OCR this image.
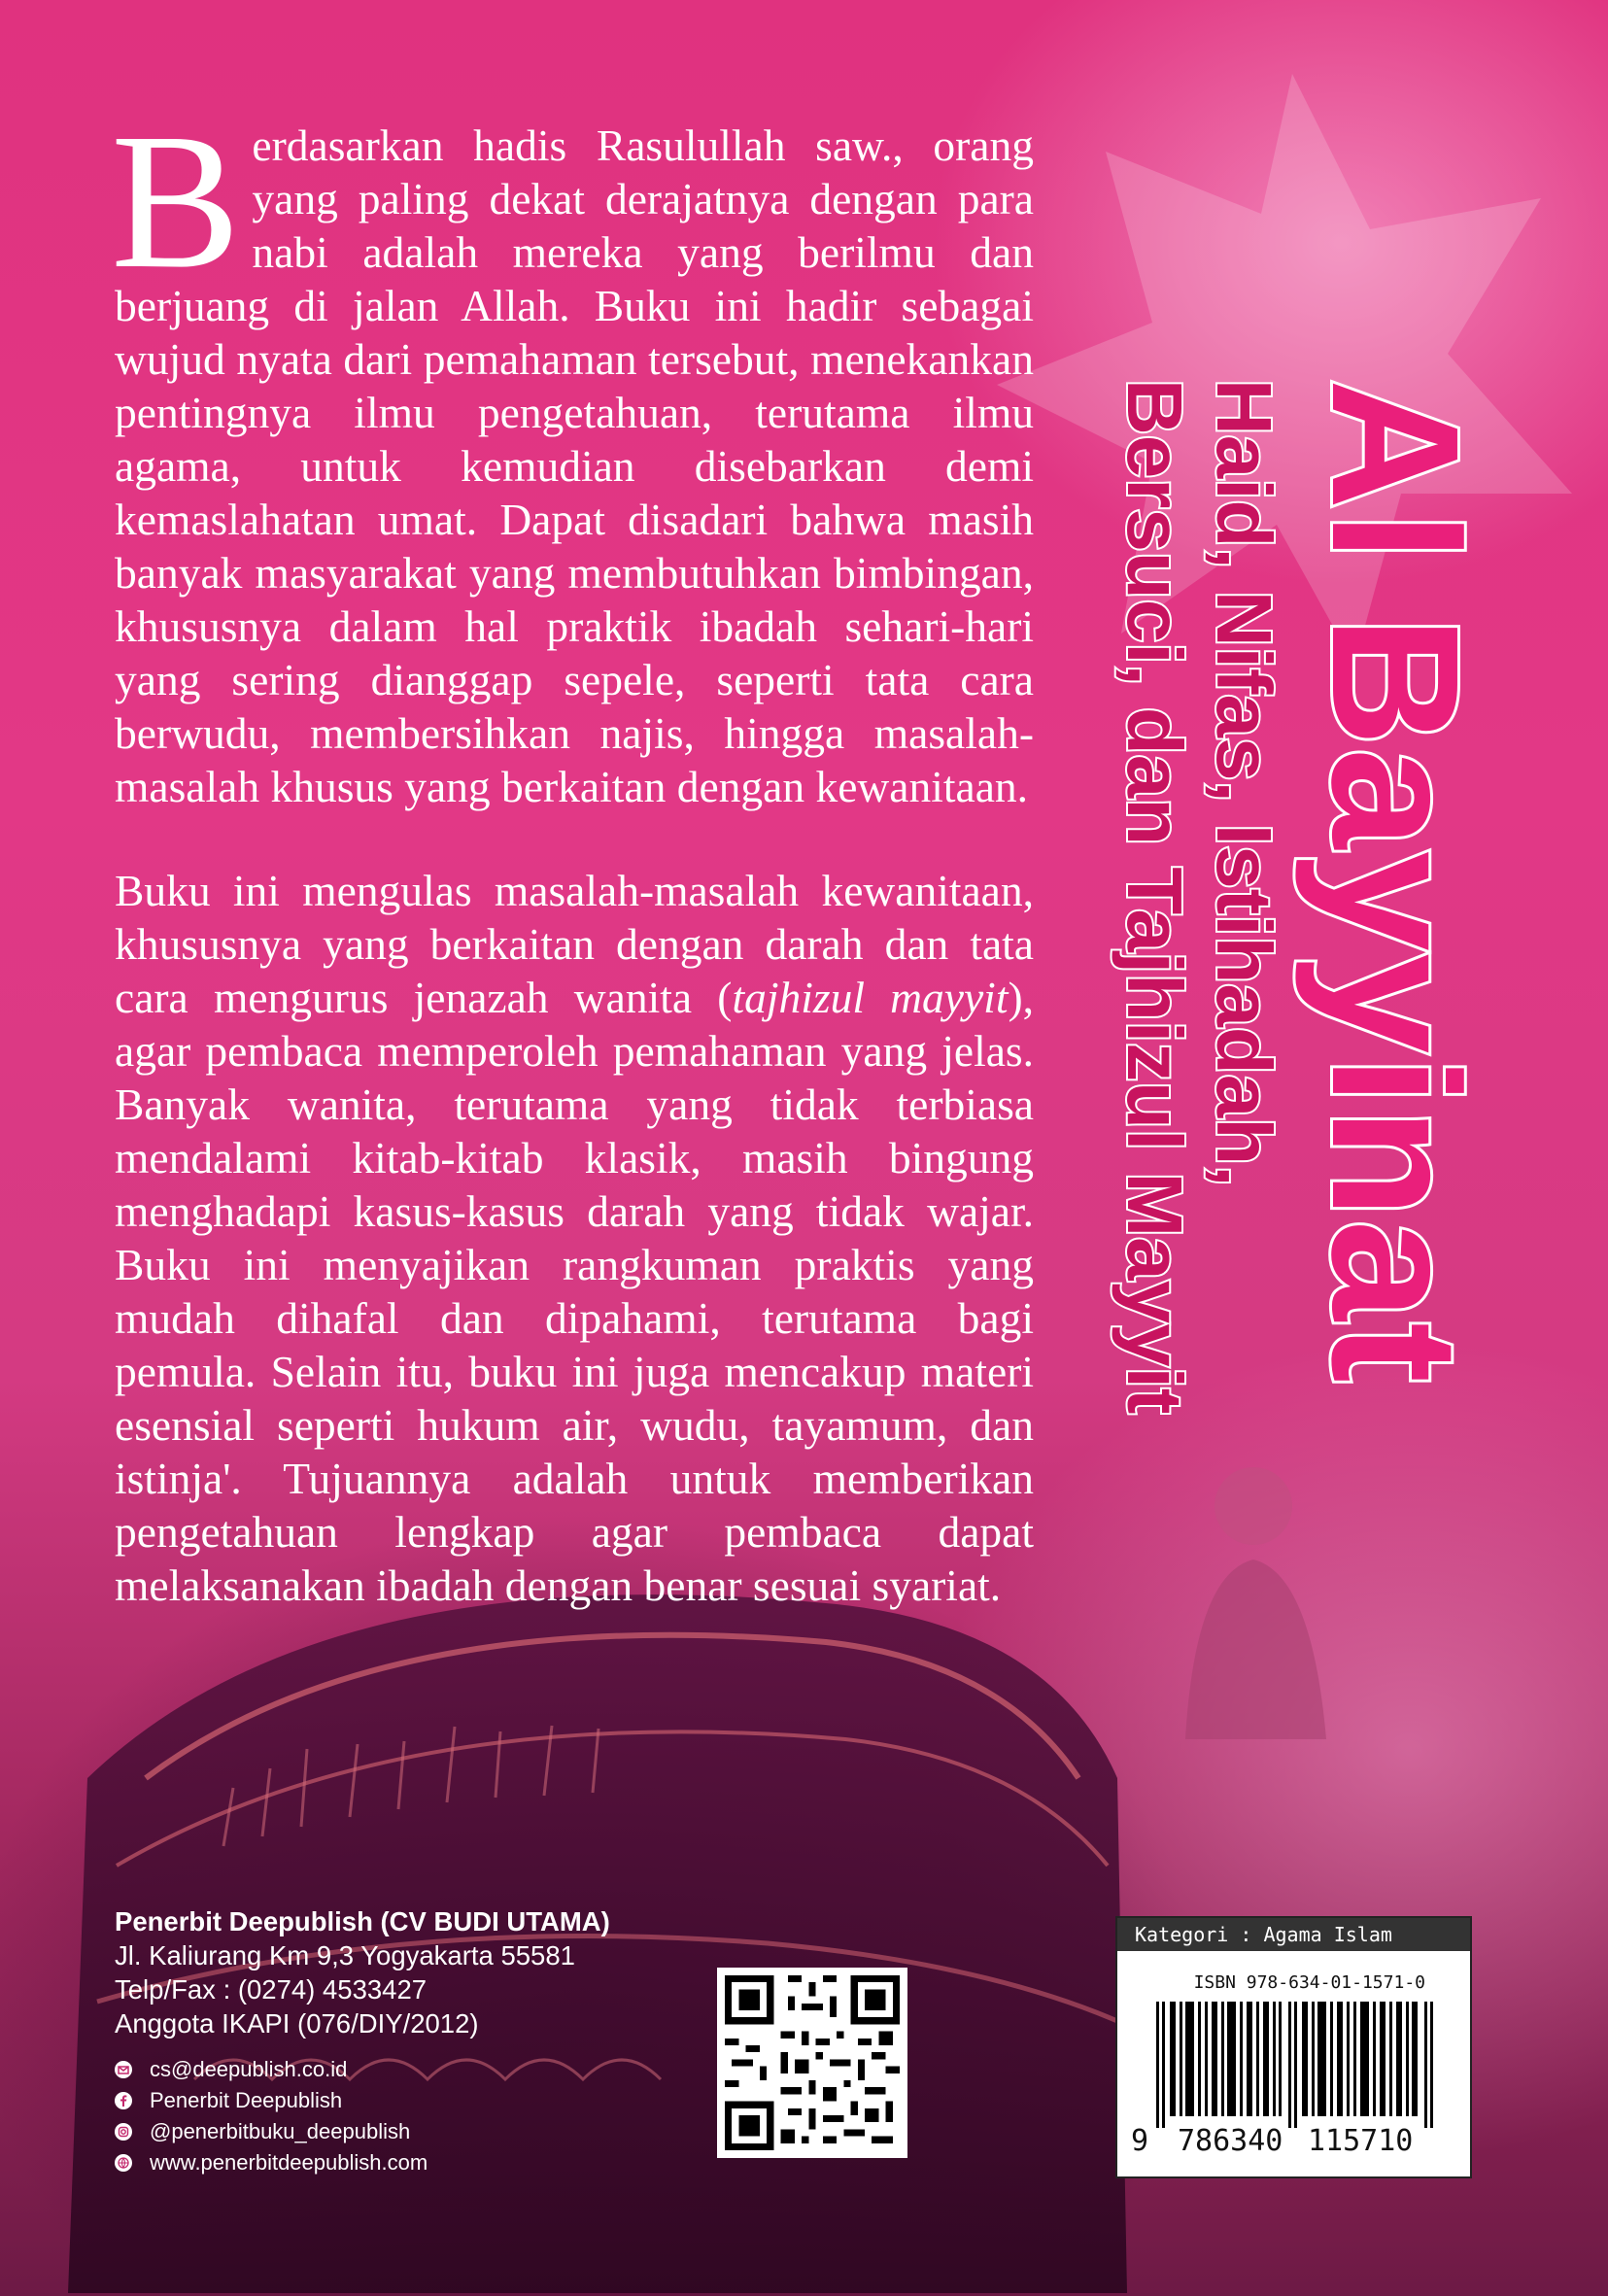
Berdasarkan hadis Rasulullah saw., orang yang paling dekat derajatnya dengan para nabi adalah mereka yang berilmu dan berjuang di jalan Allah. Buku ini hadir sebagai wujud nyata dari pemahaman tersebut, menekankan pentingnya ilmu pengetahuan, terutama ilmu agama, untuk kemudian disebarkan demi kemaslahatan umat. Dapat disadari bahwa masih banyak masyarakat yang membutuhkan bimbingan, khususnya dalam hal praktik ibadah sehari-hari yang sering dianggap sepele, seperti tata cara berwudu, membersihkan najis, hingga masalah-masalah khusus yang berkaitan dengan kewanitaan.

Buku ini mengulas masalah-masalah kewanitaan, khususnya yang berkaitan dengan darah dan tata cara mengurus jenazah wanita (tajhizul mayyit), agar pembaca memperoleh pemahaman yang jelas. Banyak wanita, terutama yang tidak terbiasa mendalami kitab-kitab klasik, masih bingung menghadapi kasus-kasus darah yang tidak wajar. Buku ini menyajikan rangkuman praktis yang mudah dihafal dan dipahami, terutama bagi pemula. Selain itu, buku ini juga mencakup materi esensial seperti hukum air, wudu, tayamum, dan istinja'. Tujuannya adalah untuk memberikan pengetahuan lengkap agar pembaca dapat melaksanakan ibadah dengan benar sesuai syariat.

Al Bayyinat
Haid, Nifas, Istihadah,
Bersuci, dan Tajhizul Mayyit
Penerbit Deepublish (CV BUDI UTAMA)
Jl. Kaliurang Km 9,3 Yogyakarta 55581
Telp/Fax : (0274) 4533427
Anggota IKAPI (076/DIY/2012)
cs@deepublish.co.id
Penerbit Deepublish
@penerbitbuku_deepublish
www.penerbitdeepublish.com
Kategori : Agama Islam
ISBN 978-634-01-1571-0
9 786340 115710
